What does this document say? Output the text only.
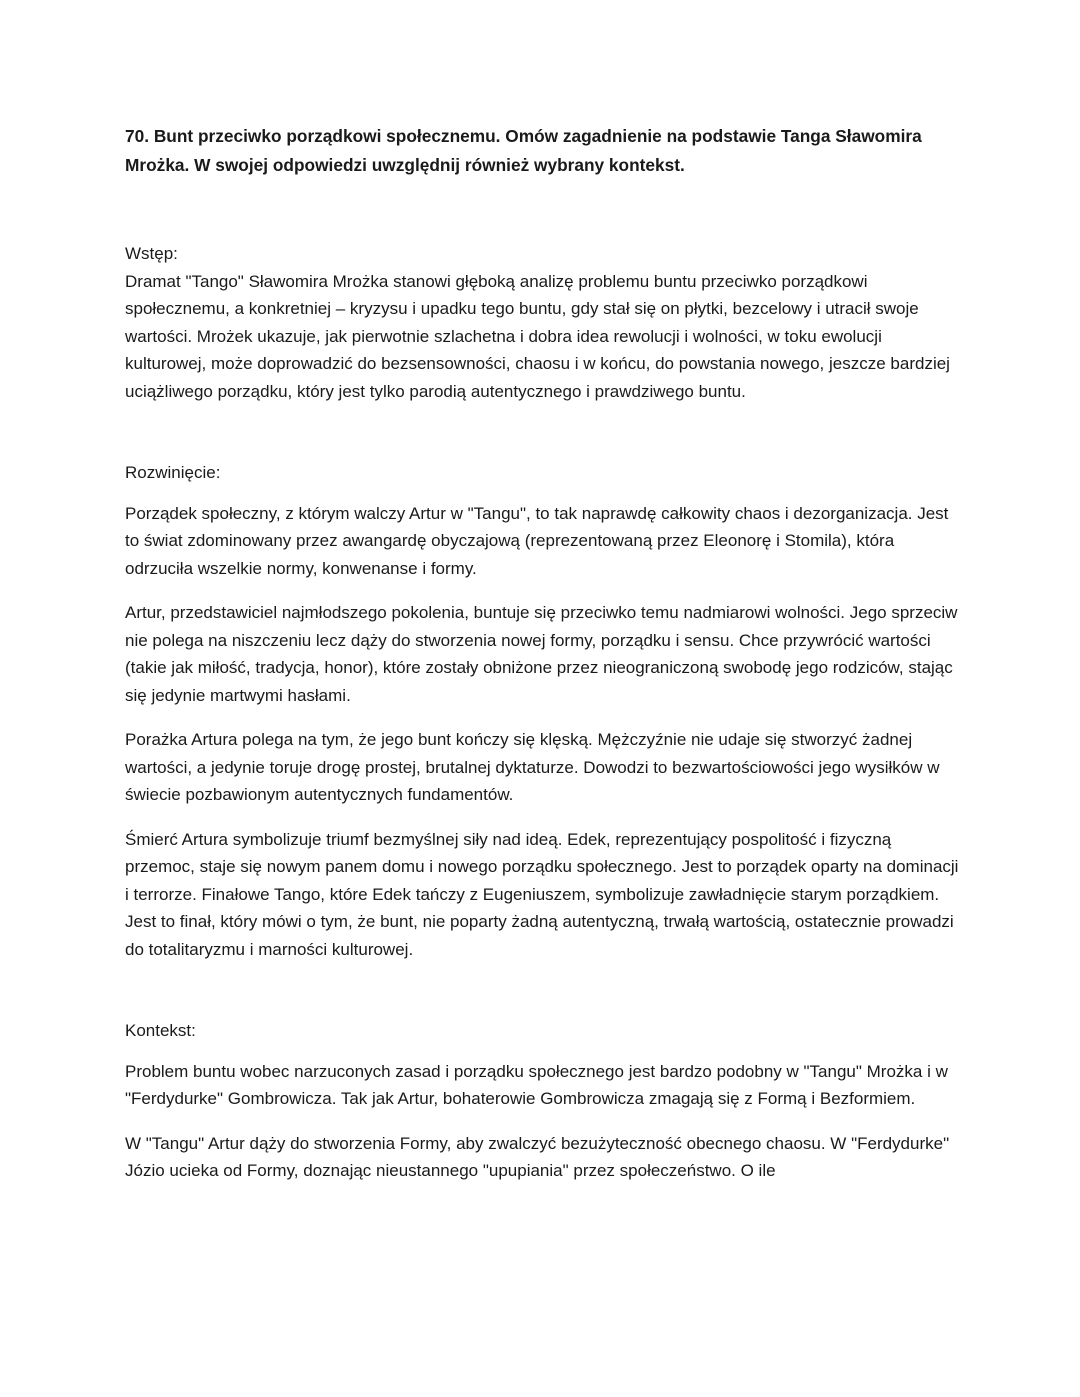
70. Bunt przeciwko porządkowi społecznemu. Omów zagadnienie na podstawie Tanga Sławomira Mrożka. W swojej odpowiedzi uwzględnij również wybrany kontekst.

Wstęp:

Dramat "Tango" Sławomira Mrożka stanowi głęboką analizę problemu buntu przeciwko porządkowi społecznemu, a konkretniej – kryzysu i upadku tego buntu, gdy stał się on płytki, bezcelowy i utracił swoje wartości. Mrożek ukazuje, jak pierwotnie szlachetna i dobra idea rewolucji i wolności, w toku ewolucji kulturowej, może doprowadzić do bezsensowności, chaosu i w końcu, do powstania nowego, jeszcze bardziej uciążliwego porządku, który jest tylko parodią autentycznego i prawdziwego buntu.

Rozwinięcie:

Porządek społeczny, z którym walczy Artur w "Tangu", to tak naprawdę całkowity chaos i dezorganizacja. Jest to świat zdominowany przez awangardę obyczajową (reprezentowaną przez Eleonorę i Stomila), która odrzuciła wszelkie normy, konwenanse i formy.

Artur, przedstawiciel najmłodszego pokolenia, buntuje się przeciwko temu nadmiarowi wolności. Jego sprzeciw nie polega na niszczeniu lecz dąży do stworzenia nowej formy, porządku i sensu. Chce przywrócić wartości (takie jak miłość, tradycja, honor), które zostały obniżone przez nieograniczoną swobodę jego rodziców, stając się jedynie martwymi hasłami.

Porażka Artura polega na tym, że jego bunt kończy się klęską. Mężczyźnie nie udaje się stworzyć żadnej wartości, a jedynie toruje drogę prostej, brutalnej dyktaturze. Dowodzi to bezwartościowości jego wysiłków w świecie pozbawionym autentycznych fundamentów.

Śmierć Artura symbolizuje triumf bezmyślnej siły nad ideą. Edek, reprezentujący pospolitość i fizyczną przemoc, staje się nowym panem domu i nowego porządku społecznego. Jest to porządek oparty na dominacji i terrorze. Finałowe Tango, które Edek tańczy z Eugeniuszem, symbolizuje zawładnięcie starym porządkiem. Jest to finał, który mówi o tym, że bunt, nie poparty żadną autentyczną, trwałą wartością, ostatecznie prowadzi do totalitaryzmu i marności kulturowej.

Kontekst:

Problem buntu wobec narzuconych zasad i porządku społecznego jest bardzo podobny w "Tangu" Mrożka i w "Ferdydurke" Gombrowicza. Tak jak Artur, bohaterowie Gombrowicza zmagają się z Formą i Bezformiem.

W "Tangu" Artur dąży do stworzenia Formy, aby zwalczyć bezużyteczność obecnego chaosu. W "Ferdydurke" Józio ucieka od Formy, doznając nieustannego "upupiania" przez społeczeństwo. O ile
